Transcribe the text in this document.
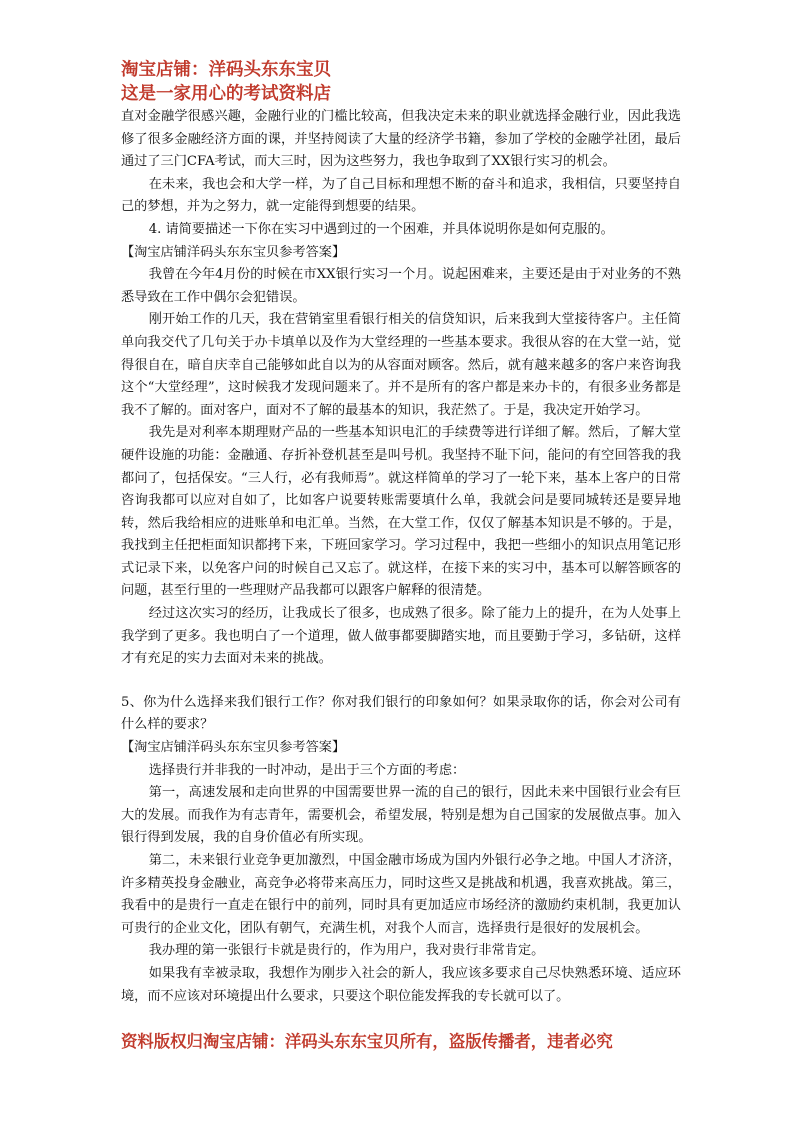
淘宝店铺：洋码头东东宝贝
这是一家用心的考试资料店

直对金融学很感兴趣，金融行业的门槛比较高，但我决定未来的职业就选择金融行业，因此我选修了很多金融经济方面的课，并坚持阅读了大量的经济学书籍，参加了学校的金融学社团，最后通过了三门CFA考试，而大三时，因为这些努力，我也争取到了XX银行实习的机会。

在未来，我也会和大学一样，为了自己目标和理想不断的奋斗和追求，我相信，只要坚持自己的梦想，并为之努力，就一定能得到想要的结果。

4. 请简要描述一下你在实习中遇到过的一个困难，并具体说明你是如何克服的。

【淘宝店铺洋码头东东宝贝参考答案】

我曾在今年4月份的时候在市XX银行实习一个月。说起困难来，主要还是由于对业务的不熟悉导致在工作中偶尔会犯错误。

刚开始工作的几天，我在营销室里看银行相关的信贷知识，后来我到大堂接待客户。主任简单向我交代了几句关于办卡填单以及作为大堂经理的一些基本要求。我很从容的在大堂一站，觉得很自在，暗自庆幸自己能够如此自以为的从容面对顾客。然后，就有越来越多的客户来咨询我这个“大堂经理”，这时候我才发现问题来了。并不是所有的客户都是来办卡的，有很多业务都是我不了解的。面对客户，面对不了解的最基本的知识，我茫然了。于是，我决定开始学习。

我先是对利率本期理财产品的一些基本知识电汇的手续费等进行详细了解。然后，了解大堂硬件设施的功能：金融通、存折补登机甚至是叫号机。我坚持不耻下问，能问的有空回答我的我都问了，包括保安。“三人行，必有我师焉”。就这样简单的学习了一轮下来，基本上客户的日常咨询我都可以应对自如了，比如客户说要转账需要填什么单，我就会问是要同城转还是要异地转，然后我给相应的进账单和电汇单。当然，在大堂工作，仅仅了解基本知识是不够的。于是，我找到主任把柜面知识都拷下来，下班回家学习。学习过程中，我把一些细小的知识点用笔记形式记录下来，以免客户问的时候自己又忘了。就这样，在接下来的实习中，基本可以解答顾客的问题，甚至行里的一些理财产品我都可以跟客户解释的很清楚。

经过这次实习的经历，让我成长了很多，也成熟了很多。除了能力上的提升，在为人处事上我学到了更多。我也明白了一个道理，做人做事都要脚踏实地，而且要勤于学习，多钻研，这样才有充足的实力去面对未来的挑战。

5、你为什么选择来我们银行工作？你对我们银行的印象如何？如果录取你的话，你会对公司有什么样的要求？

【淘宝店铺洋码头东东宝贝参考答案】

选择贵行并非我的一时冲动，是出于三个方面的考虑：

第一，高速发展和走向世界的中国需要世界一流的自己的银行，因此未来中国银行业会有巨大的发展。而我作为有志青年，需要机会，希望发展，特别是想为自己国家的发展做点事。加入银行得到发展，我的自身价值必有所实现。

第二，未来银行业竞争更加激烈，中国金融市场成为国内外银行必争之地。中国人才济济，许多精英投身金融业，高竞争必将带来高压力，同时这些又是挑战和机遇，我喜欢挑战。第三，我看中的是贵行一直走在银行中的前列，同时具有更加适应市场经济的激励约束机制，我更加认可贵行的企业文化，团队有朝气，充满生机，对我个人而言，选择贵行是很好的发展机会。

我办理的第一张银行卡就是贵行的，作为用户，我对贵行非常肯定。

如果我有幸被录取，我想作为刚步入社会的新人，我应该多要求自己尽快熟悉环境、适应环境，而不应该对环境提出什么要求，只要这个职位能发挥我的专长就可以了。

资料版权归淘宝店铺：洋码头东东宝贝所有，盗版传播者，违者必究
